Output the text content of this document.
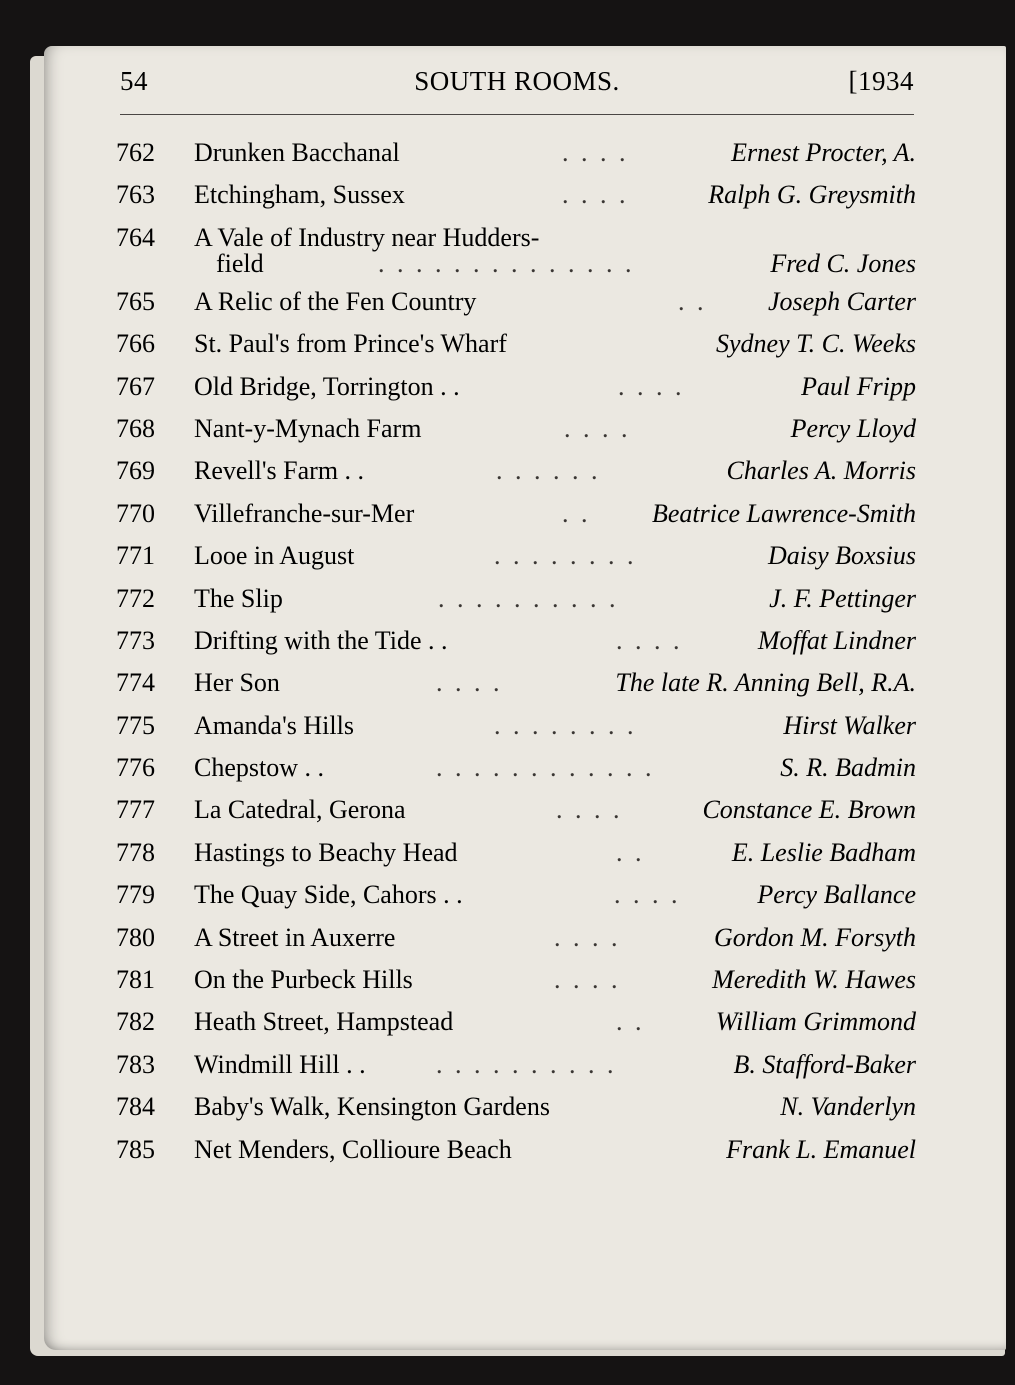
54	SOUTH ROOMS.	[1934
762	Drunken Bacchanal	. . . .	Ernest Procter, A.
763	Etchingham, Sussex	. . . .	Ralph G. Greysmith
764	A Vale of Industry near Hudders-
field	. . . . . . . . . . . . . .	Fred C. Jones
765	A Relic of the Fen Country	. . Joseph Carter
766	St. Paul's from Prince's Wharf	Sydney T. C. Weeks
767	Old Bridge, Torrington . .	. . . .	Paul Fripp
768	Nant-y-Mynach Farm	. . . .	Percy Lloyd
769	Revell's Farm . .	. . . . . .	Charles A. Morris
770	Villefranche-sur-Mer	. . Beatrice Lawrence-Smith
771	Looe in August	. . . . . . . .	Daisy Boxsius
772	The Slip	. . . . . . . . . .	J. F. Pettinger
773	Drifting with the Tide . .	. . . .	Moffat Lindner
774	Her Son	. . . .	The late R. Anning Bell, R.A.
775	Amanda's Hills	. . . . . . . .	Hirst Walker
776	Chepstow . .	. . . . . . . . . . . .	S. R. Badmin
777	La Catedral, Gerona	. . . .	Constance E. Brown
778	Hastings to Beachy Head	. .	E. Leslie Badham
779	The Quay Side, Cahors . .	. . . .	Percy Ballance
780	A Street in Auxerre	. . . .	Gordon M. Forsyth
781	On the Purbeck Hills	. . . .	Meredith W. Hawes
782	Heath Street, Hampstead	. .	William Grimmond
783	Windmill Hill . .	. . . . . . . . . .	B. Stafford-Baker
784	Baby's Walk, Kensington Gardens	N. Vanderlyn
785	Net Menders, Collioure Beach	Frank L. Emanuel
